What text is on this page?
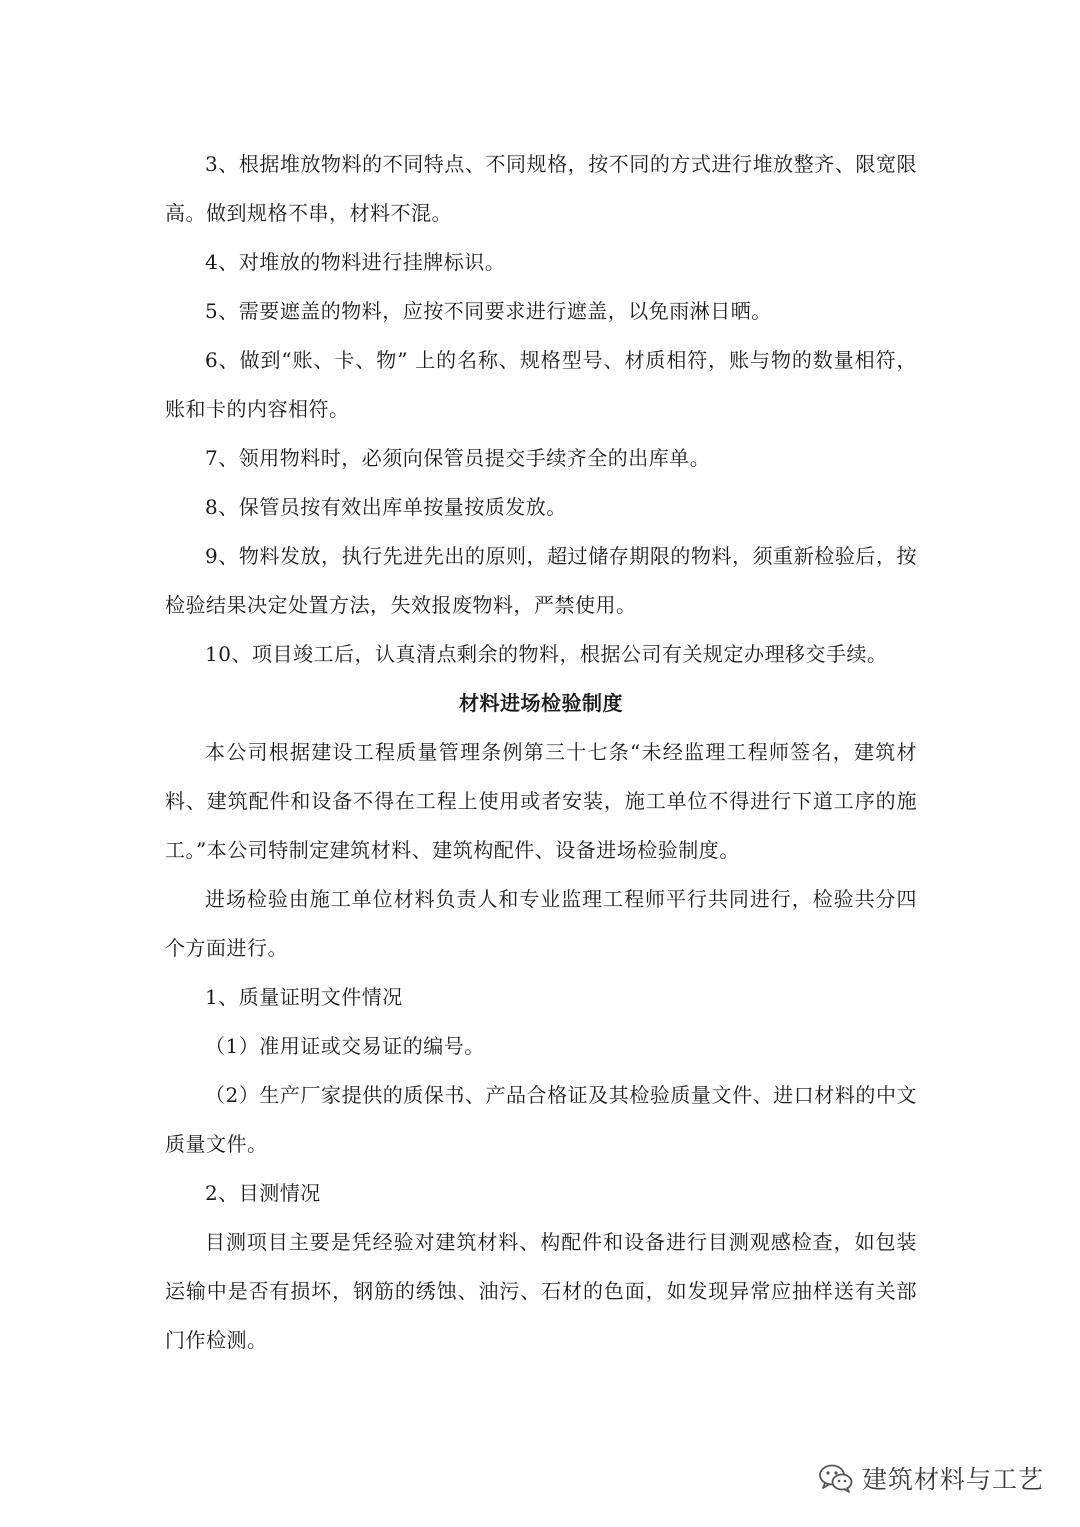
3、根据堆放物料的不同特点、不同规格，按不同的方式进行堆放整齐、限宽限高。做到规格不串，材料不混。

4、对堆放的物料进行挂牌标识。

5、需要遮盖的物料，应按不同要求进行遮盖，以免雨淋日晒。

6、做到“账、卡、物” 上的名称、规格型号、材质相符，账与物的数量相符，账和卡的内容相符。

7、领用物料时，必须向保管员提交手续齐全的出库单。

8、保管员按有效出库单按量按质发放。

9、物料发放，执行先进先出的原则，超过储存期限的物料，须重新检验后，按检验结果决定处置方法，失效报废物料，严禁使用。

10、项目竣工后，认真清点剩余的物料，根据公司有关规定办理移交手续。

材料进场检验制度

本公司根据建设工程质量管理条例第三十七条“未经监理工程师签名，建筑材料、建筑配件和设备不得在工程上使用或者安装，施工单位不得进行下道工序的施工。”本公司特制定建筑材料、建筑构配件、设备进场检验制度。

进场检验由施工单位材料负责人和专业监理工程师平行共同进行，检验共分四个方面进行。

1、质量证明文件情况

（1）准用证或交易证的编号。

（2）生产厂家提供的质保书、产品合格证及其检验质量文件、进口材料的中文质量文件。

2、目测情况

目测项目主要是凭经验对建筑材料、构配件和设备进行目测观感检查，如包装运输中是否有损坏，钢筋的绣蚀、油污、石材的色面，如发现异常应抽样送有关部门作检测。

建筑材料与工艺
